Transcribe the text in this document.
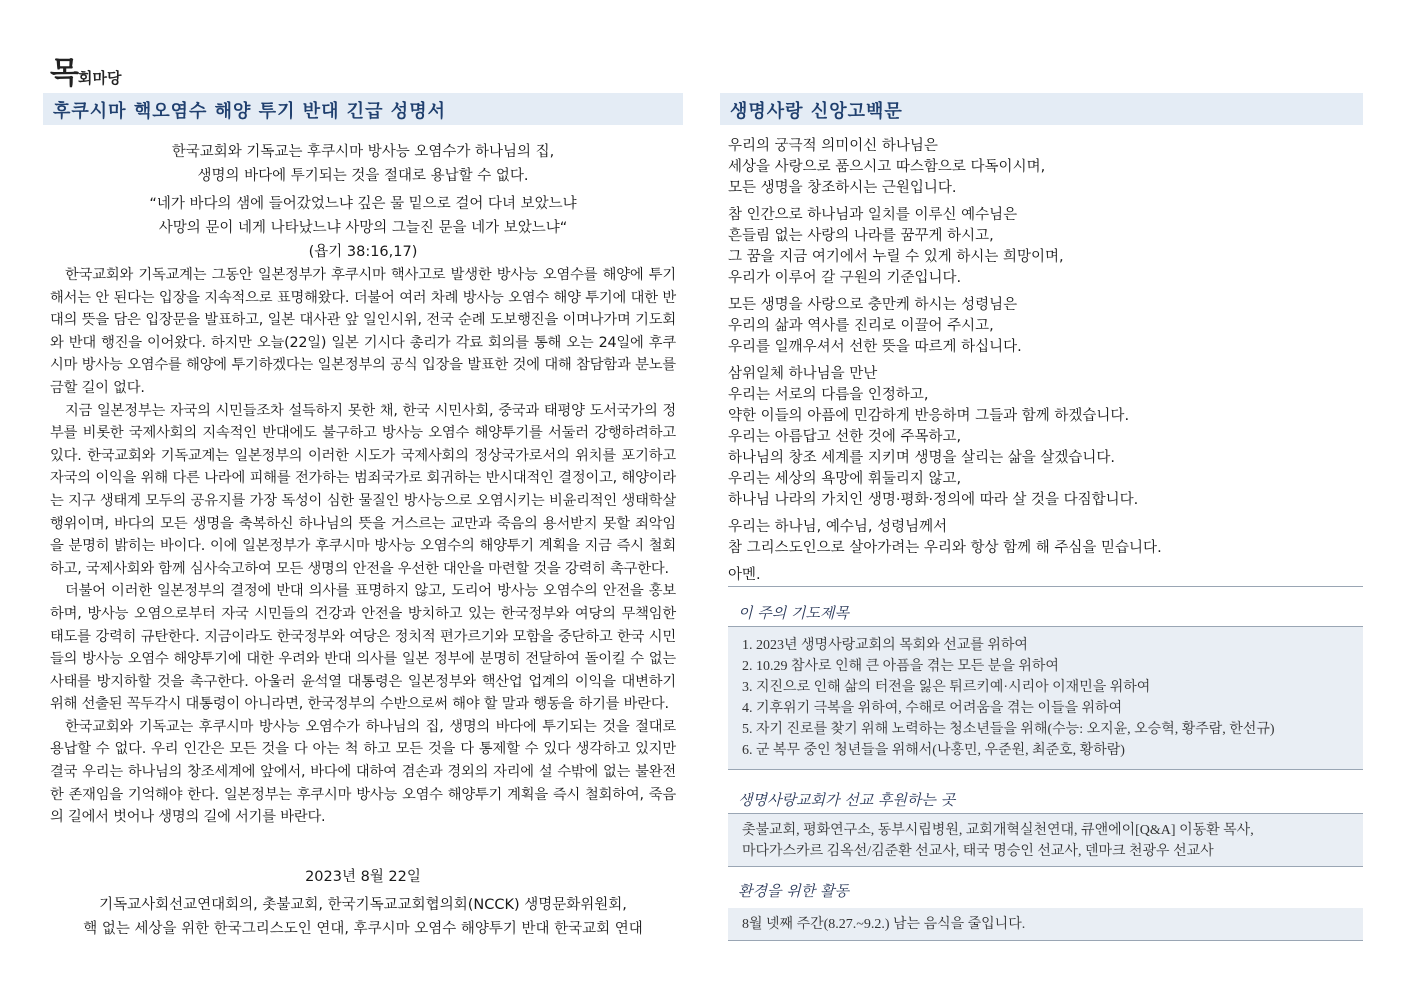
목회마당
후쿠시마 핵오염수 해양 투기 반대 긴급 성명서	생명사랑 신앙고백문
한국교회와 기독교는 후쿠시마 방사능 오염수가 하나님의 집,
생명의 바다에 투기되는 것을 절대로 용납할 수 없다.
“네가 바다의 샘에 들어갔었느냐 깊은 물 밑으로 걸어 다녀 보았느냐
사망의 문이 네게 나타났느냐 사망의 그늘진 문을 네가 보았느냐“
(욥기 38:16,17)

한국교회와 기독교계는 그동안 일본정부가 후쿠시마 핵사고로 발생한 방사능 오염수를 해양에 투기해서는 안 된다는 입장을 지속적으로 표명해왔다. 더불어 여러 차례 방사능 오염수 해양 투기에 대한 반대의 뜻을 담은 입장문을 발표하고, 일본 대사관 앞 일인시위, 전국 순례 도보행진을 이며나가며 기도회와 반대 행진을 이어왔다. 하지만 오늘(22일) 일본 기시다 총리가 각료 회의를 통해 오는 24일에 후쿠시마 방사능 오염수를 해양에 투기하겠다는 일본정부의 공식 입장을 발표한 것에 대해 참담함과 분노를 금할 길이 없다.

지금 일본정부는 자국의 시민들조차 설득하지 못한 채, 한국 시민사회, 중국과 태평양 도서국가의 정부를 비롯한 국제사회의 지속적인 반대에도 불구하고 방사능 오염수 해양투기를 서둘러 강행하려하고 있다. 한국교회와 기독교계는 일본정부의 이러한 시도가 국제사회의 정상국가로서의 위치를 포기하고 자국의 이익을 위해 다른 나라에 피해를 전가하는 범죄국가로 회귀하는 반시대적인 결정이고, 해양이라는 지구 생태계 모두의 공유지를 가장 독성이 심한 물질인 방사능으로 오염시키는 비윤리적인 생태학살 행위이며, 바다의 모든 생명을 축복하신 하나님의 뜻을 거스르는 교만과 죽음의 용서받지 못할 죄악임을 분명히 밝히는 바이다. 이에 일본정부가 후쿠시마 방사능 오염수의 해양투기 계획을 지금 즉시 철회하고, 국제사회와 함께 심사숙고하여 모든 생명의 안전을 우선한 대안을 마련할 것을 강력히 촉구한다.

더불어 이러한 일본정부의 결정에 반대 의사를 표명하지 않고, 도리어 방사능 오염수의 안전을 홍보하며, 방사능 오염으로부터 자국 시민들의 건강과 안전을 방치하고 있는 한국정부와 여당의 무책임한 태도를 강력히 규탄한다. 지금이라도 한국정부와 여당은 정치적 편가르기와 모함을 중단하고 한국 시민들의 방사능 오염수 해양투기에 대한 우려와 반대 의사를 일본 정부에 분명히 전달하여 돌이킬 수 없는 사태를 방지하할 것을 촉구한다. 아울러 윤석열 대통령은 일본정부와 핵산업 업계의 이익을 대변하기 위해 선출된 꼭두각시 대통령이 아니라면, 한국정부의 수반으로써 해야 할 말과 행동을 하기를 바란다.

한국교회와 기독교는 후쿠시마 방사능 오염수가 하나님의 집, 생명의 바다에 투기되는 것을 절대로 용납할 수 없다. 우리 인간은 모든 것을 다 아는 척 하고 모든 것을 다 통제할 수 있다 생각하고 있지만 결국 우리는 하나님의 창조세계에 앞에서, 바다에 대하여 겸손과 경외의 자리에 설 수밖에 없는 불완전한 존재임을 기억해야 한다. 일본정부는 후쿠시마 방사능 오염수 해양투기 계획을 즉시 철회하여, 죽음의 길에서 벗어나 생명의 길에 서기를 바란다.

2023년 8월 22일
기독교사회선교연대회의, 촛불교회, 한국기독교교회협의회(NCCK) 생명문화위원회,
핵 없는 세상을 위한 한국그리스도인 연대, 후쿠시마 오염수 해양투기 반대 한국교회 연대

우리의 궁극적 의미이신 하나님은
세상을 사랑으로 품으시고 따스함으로 다독이시며,
모든 생명을 창조하시는 근원입니다.

참 인간으로 하나님과 일치를 이루신 예수님은
흔들림 없는 사랑의 나라를 꿈꾸게 하시고,
그 꿈을 지금 여기에서 누릴 수 있게 하시는 희망이며,
우리가 이루어 갈 구원의 기준입니다.

모든 생명을 사랑으로 충만케 하시는 성령님은
우리의 삶과 역사를 진리로 이끌어 주시고,
우리를 일깨우셔서 선한 뜻을 따르게 하십니다.

삼위일체 하나님을 만난
우리는 서로의 다름을 인정하고,
약한 이들의 아픔에 민감하게 반응하며 그들과 함께 하겠습니다.
우리는 아름답고 선한 것에 주목하고,
하나님의 창조 세계를 지키며 생명을 살리는 삶을 살겠습니다.
우리는 세상의 욕망에 휘둘리지 않고,
하나님 나라의 가치인 생명·평화·정의에 따라 살 것을 다짐합니다.

우리는 하나님, 예수님, 성령님께서
참 그리스도인으로 살아가려는 우리와 항상 함께 해 주심을 믿습니다.

아멘.

이 주의 기도제목
1. 2023년 생명사랑교회의 목회와 선교를 위하여
2. 10.29 참사로 인해 큰 아픔을 겪는 모든 분을 위하여
3. 지진으로 인해 삶의 터전을 잃은 튀르키예·시리아 이재민을 위하여
4. 기후위기 극복을 위하여, 수해로 어려움을 겪는 이들을 위하여
5. 자기 진로를 찾기 위해 노력하는 청소년들을 위해(수능: 오지윤, 오승혁, 황주람, 한선규)
6. 군 복무 중인 청년들을 위해서(나홍민, 우준원, 최준호, 황하람)
생명사랑교회가 선교 후원하는 곳
촛불교회, 평화연구소, 동부시립병원, 교회개혁실천연대, 큐앤에이[Q&A] 이동환 목사,
마다가스카르 김옥선/김준환 선교사, 태국 명승인 선교사, 덴마크 천광우 선교사
환경을 위한 활동
8월 넷째 주간(8.27.~9.2.) 남는 음식을 줄입니다.
